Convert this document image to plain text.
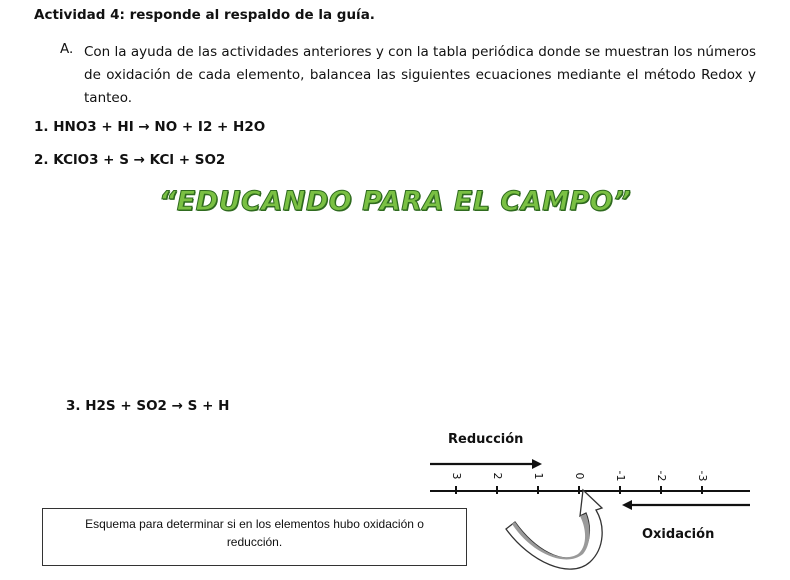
Actividad 4: responde al respaldo de la guía.
A. Con la ayuda de las actividades anteriores y con la tabla periódica donde se muestran los números de oxidación de cada elemento, balancea las siguientes ecuaciones mediante el método Redox y tanteo.
1. HNO3 + HI → NO + I2 + H2O
2. KClO3 + S → KCl + SO2
“EDUCANDO PARA EL CAMPO”
3. H2S + SO2 → S + H
Reducción
3	2	1	0	-1	-2	-3
Oxidación
Esquema para determinar si en los elementos hubo oxidación o reducción.
